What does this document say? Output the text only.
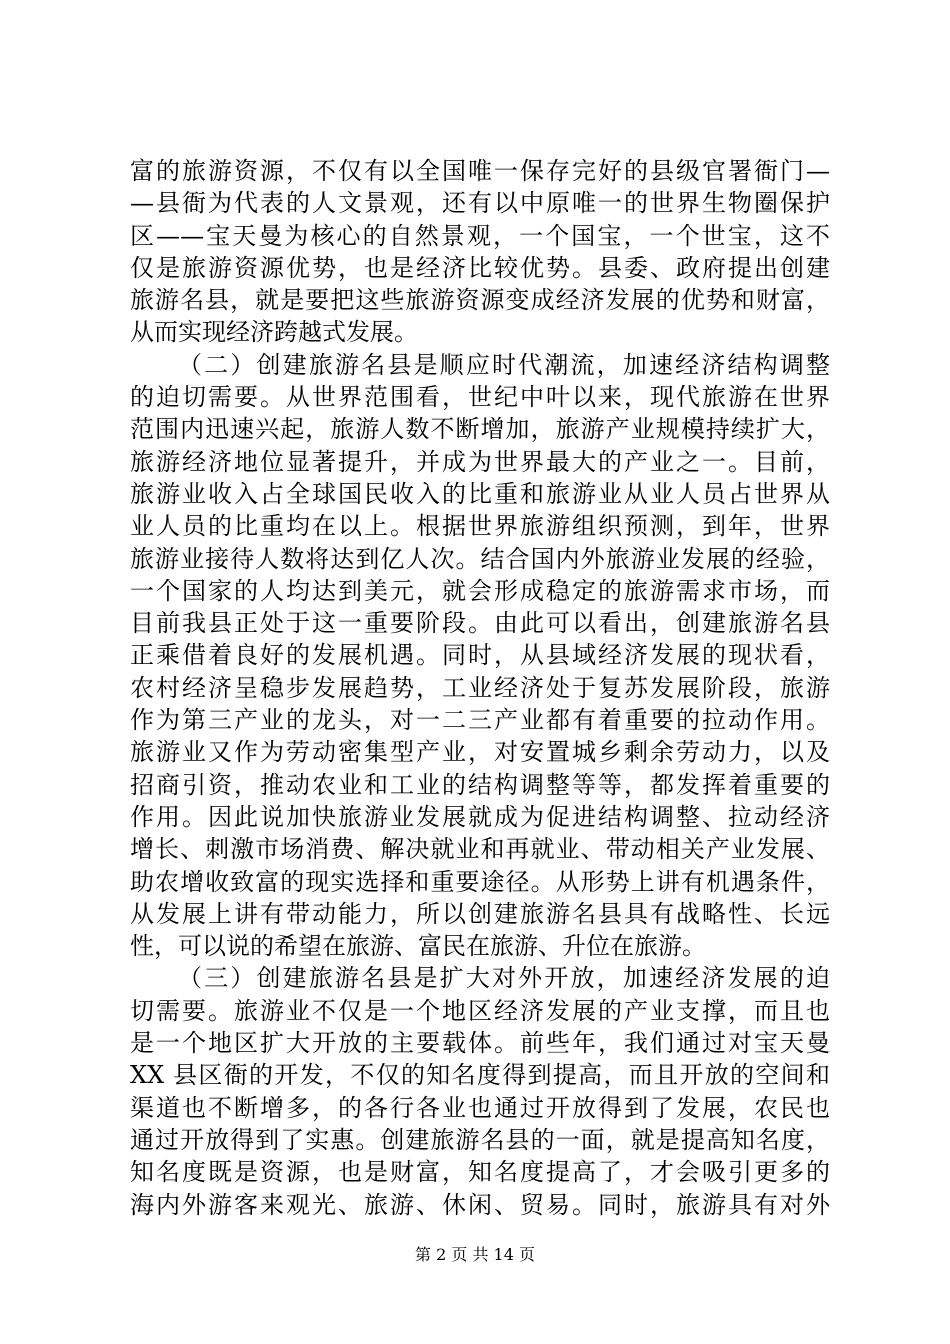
富的旅游资源，不仅有以全国唯一保存完好的县级官署衙门—
—县衙为代表的人文景观，还有以中原唯一的世界生物圈保护
区——宝天曼为核心的自然景观，一个国宝，一个世宝，这不
仅是旅游资源优势，也是经济比较优势。县委、政府提出创建
旅游名县，就是要把这些旅游资源变成经济发展的优势和财富，
从而实现经济跨越式发展。
（二）创建旅游名县是顺应时代潮流，加速经济结构调整
的迫切需要。从世界范围看，世纪中叶以来，现代旅游在世界
范围内迅速兴起，旅游人数不断增加，旅游产业规模持续扩大，
旅游经济地位显著提升，并成为世界最大的产业之一。目前，
旅游业收入占全球国民收入的比重和旅游业从业人员占世界从
业人员的比重均在以上。根据世界旅游组织预测，到年，世界
旅游业接待人数将达到亿人次。结合国内外旅游业发展的经验，
一个国家的人均达到美元，就会形成稳定的旅游需求市场，而
目前我县正处于这一重要阶段。由此可以看出，创建旅游名县
正乘借着良好的发展机遇。同时，从县域经济发展的现状看，
农村经济呈稳步发展趋势，工业经济处于复苏发展阶段，旅游
作为第三产业的龙头，对一二三产业都有着重要的拉动作用。
旅游业又作为劳动密集型产业，对安置城乡剩余劳动力，以及
招商引资，推动农业和工业的结构调整等等，都发挥着重要的
作用。因此说加快旅游业发展就成为促进结构调整、拉动经济
增长、刺激市场消费、解决就业和再就业、带动相关产业发展、
助农增收致富的现实选择和重要途径。从形势上讲有机遇条件，
从发展上讲有带动能力，所以创建旅游名县具有战略性、长远
性，可以说的希望在旅游、富民在旅游、升位在旅游。
（三）创建旅游名县是扩大对外开放，加速经济发展的迫
切需要。旅游业不仅是一个地区经济发展的产业支撑，而且也
是一个地区扩大开放的主要载体。前些年，我们通过对宝天曼
XX 县区衙的开发，不仅的知名度得到提高，而且开放的空间和
渠道也不断增多，的各行各业也通过开放得到了发展，农民也
通过开放得到了实惠。创建旅游名县的一面，就是提高知名度，
知名度既是资源，也是财富，知名度提高了，才会吸引更多的
海内外游客来观光、旅游、休闲、贸易。同时，旅游具有对外
第 2 页 共 14 页
